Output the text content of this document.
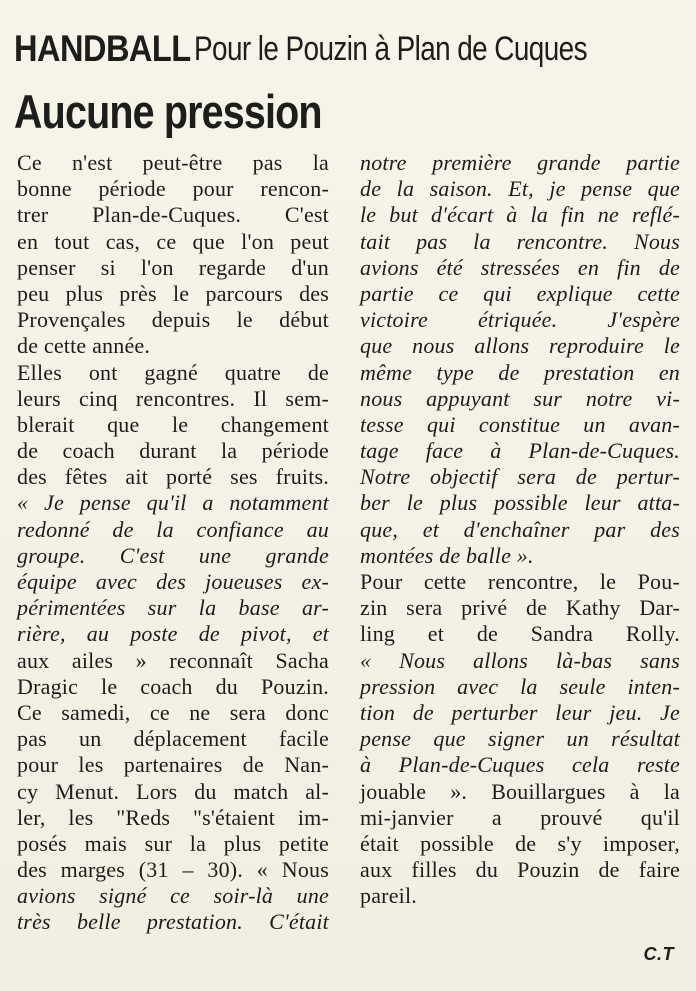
HANDBALL Pour le Pouzin à Plan de Cuques
Aucune pression
Ce n'est peut-être pas la
bonne période pour rencon-
trer Plan-de-Cuques. C'est
en tout cas, ce que l'on peut
penser si l'on regarde d'un
peu plus près le parcours des
Provençales depuis le début
de cette année.
Elles ont gagné quatre de
leurs cinq rencontres. Il sem-
blerait que le changement
de coach durant la période
des fêtes ait porté ses fruits.
« Je pense qu'il a notamment
redonné de la confiance au
groupe. C'est une grande
équipe avec des joueuses ex-
périmentées sur la base ar-
rière, au poste de pivot, et
aux ailes » reconnaît Sacha
Dragic le coach du Pouzin.
Ce samedi, ce ne sera donc
pas un déplacement facile
pour les partenaires de Nan-
cy Menut. Lors du match al-
ler, les "Reds "s'étaient im-
posés mais sur la plus petite
des marges (31 – 30). « Nous
avions signé ce soir-là une
très belle prestation. C'était
notre première grande partie
de la saison. Et, je pense que
le but d'écart à la fin ne reflé-
tait pas la rencontre. Nous
avions été stressées en fin de
partie ce qui explique cette
victoire étriquée. J'espère
que nous allons reproduire le
même type de prestation en
nous appuyant sur notre vi-
tesse qui constitue un avan-
tage face à Plan-de-Cuques.
Notre objectif sera de pertur-
ber le plus possible leur atta-
que, et d'enchaîner par des
montées de balle ».
Pour cette rencontre, le Pou-
zin sera privé de Kathy Dar-
ling et de Sandra Rolly.
« Nous allons là-bas sans
pression avec la seule inten-
tion de perturber leur jeu. Je
pense que signer un résultat
à Plan-de-Cuques cela reste
jouable ». Bouillargues à la
mi-janvier a prouvé qu'il
était possible de s'y imposer,
aux filles du Pouzin de faire
pareil.
C.T
